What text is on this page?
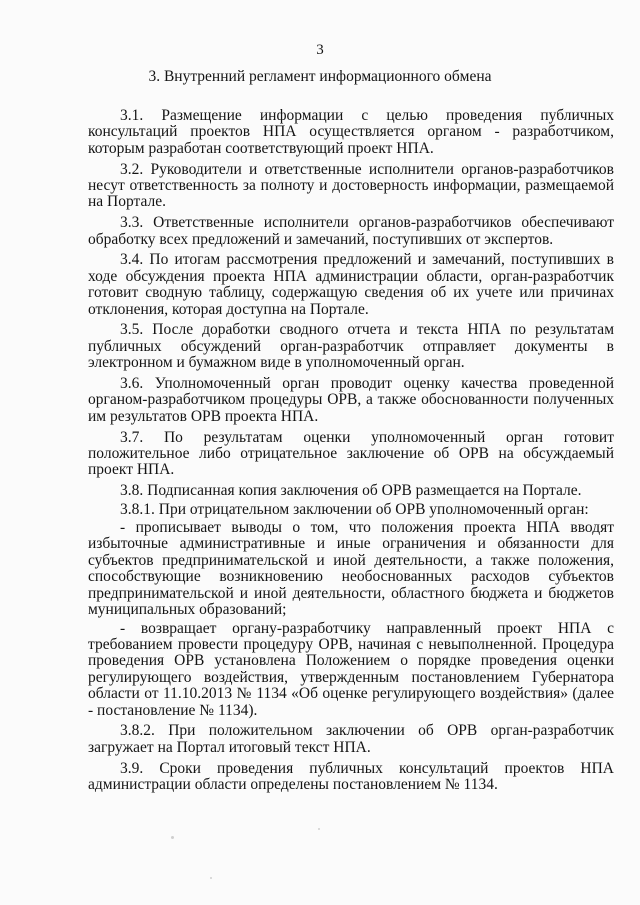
3
3. Внутренний регламент информационного обмена

3.1. Размещение информации с целью проведения публичных консультаций проектов НПА осуществляется органом - разработчиком, которым разработан соответствующий проект НПА.

3.2. Руководители и ответственные исполнители органов-разработчиков несут ответственность за полноту и достоверность информации, размещаемой на Портале.

3.3. Ответственные исполнители органов-разработчиков обеспечивают обработку всех предложений и замечаний, поступивших от экспертов.

3.4. По итогам рассмотрения предложений и замечаний, поступивших в ходе обсуждения проекта НПА администрации области, орган-разработчик готовит сводную таблицу, содержащую сведения об их учете или причинах отклонения, которая доступна на Портале.

3.5. После доработки сводного отчета и текста НПА по результатам публичных обсуждений орган-разработчик отправляет документы в электронном и бумажном виде в уполномоченный орган.

3.6. Уполномоченный орган проводит оценку качества проведенной органом-разработчиком процедуры ОРВ, а также обоснованности полученных им результатов ОРВ проекта НПА.

3.7. По результатам оценки уполномоченный орган готовит положительное либо отрицательное заключение об ОРВ на обсуждаемый проект НПА.

3.8. Подписанная копия заключения об ОРВ размещается на Портале.

3.8.1. При отрицательном заключении об ОРВ уполномоченный орган:

- прописывает выводы о том, что положения проекта НПА вводят избыточные административные и иные ограничения и обязанности для субъектов предпринимательской и иной деятельности, а также положения, способствующие возникновению необоснованных расходов субъектов предпринимательской и иной деятельности, областного бюджета и бюджетов муниципальных образований;

- возвращает органу-разработчику направленный проект НПА с требованием провести процедуру ОРВ, начиная с невыполненной. Процедура проведения ОРВ установлена Положением о порядке проведения оценки регулирующего воздействия, утвержденным постановлением Губернатора области от 11.10.2013 № 1134 «Об оценке регулирующего воздействия» (далее - постановление № 1134).

3.8.2. При положительном заключении об ОРВ орган-разработчик загружает на Портал итоговый текст НПА.

3.9. Сроки проведения публичных консультаций проектов НПА администрации области определены постановлением № 1134.
